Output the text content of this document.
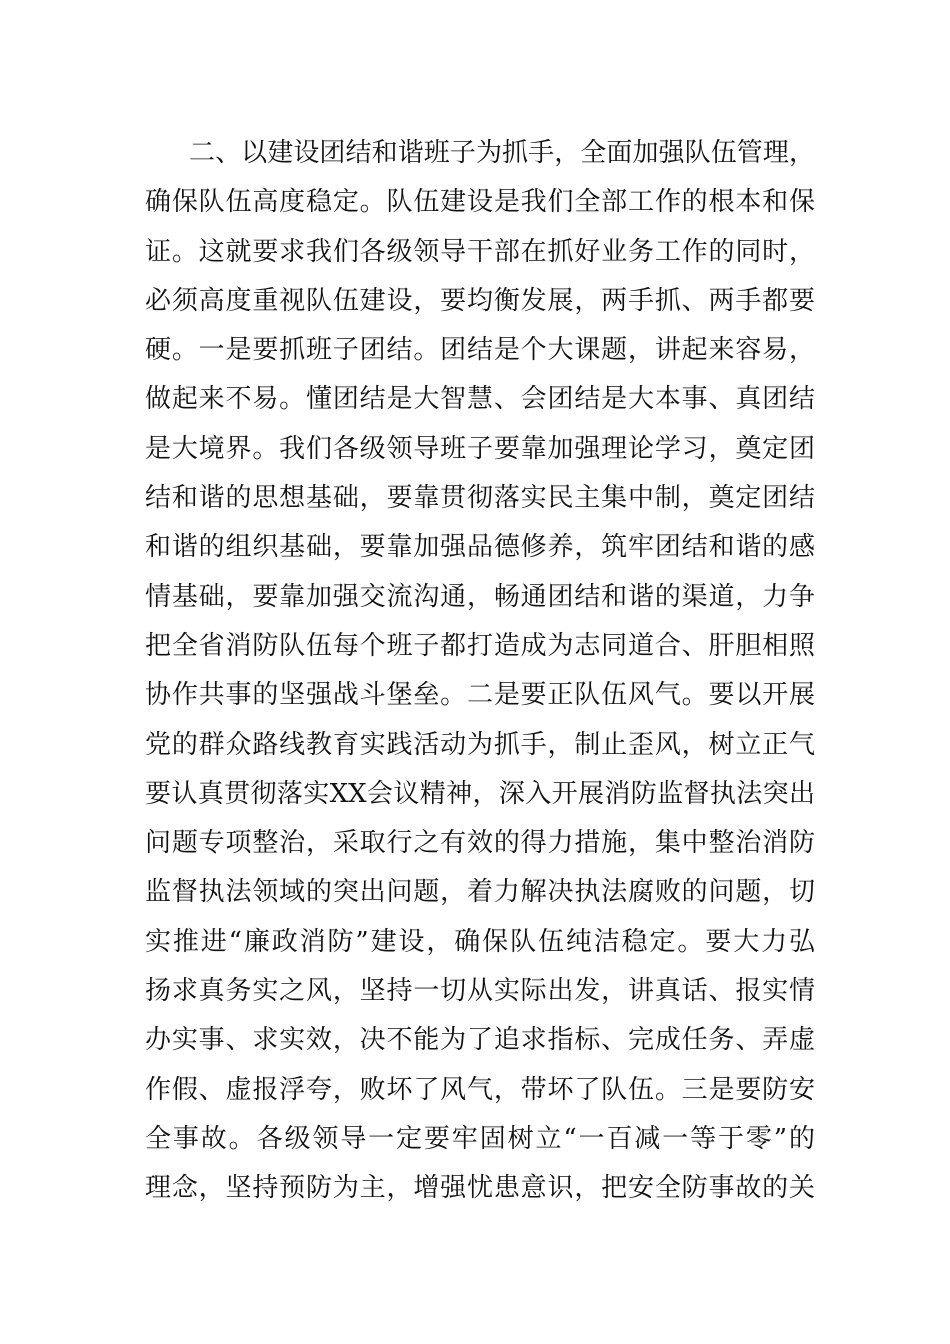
二、以建设团结和谐班子为抓手，全面加强队伍管理，
确保队伍高度稳定。队伍建设是我们全部工作的根本和保
证。这就要求我们各级领导干部在抓好业务工作的同时，
必须高度重视队伍建设，要均衡发展，两手抓、两手都要
硬。一是要抓班子团结。团结是个大课题，讲起来容易，
做起来不易。懂团结是大智慧、会团结是大本事、真团结
是大境界。我们各级领导班子要靠加强理论学习，奠定团
结和谐的思想基础，要靠贯彻落实民主集中制，奠定团结
和谐的组织基础，要靠加强品德修养，筑牢团结和谐的感
情基础，要靠加强交流沟通，畅通团结和谐的渠道，力争
把全省消防队伍每个班子都打造成为志同道合、肝胆相照
协作共事的坚强战斗堡垒。二是要正队伍风气。要以开展
党的群众路线教育实践活动为抓手，制止歪风，树立正气
要认真贯彻落实XX会议精神，深入开展消防监督执法突出
问题专项整治，采取行之有效的得力措施，集中整治消防
监督执法领域的突出问题，着力解决执法腐败的问题，切
实推进“廉政消防”建设，确保队伍纯洁稳定。要大力弘
扬求真务实之风，坚持一切从实际出发，讲真话、报实情
办实事、求实效，决不能为了追求指标、完成任务、弄虚
作假、虚报浮夸，败坏了风气，带坏了队伍。三是要防安
全事故。各级领导一定要牢固树立“一百减一等于零”的
理念，坚持预防为主，增强忧患意识，把安全防事故的关
